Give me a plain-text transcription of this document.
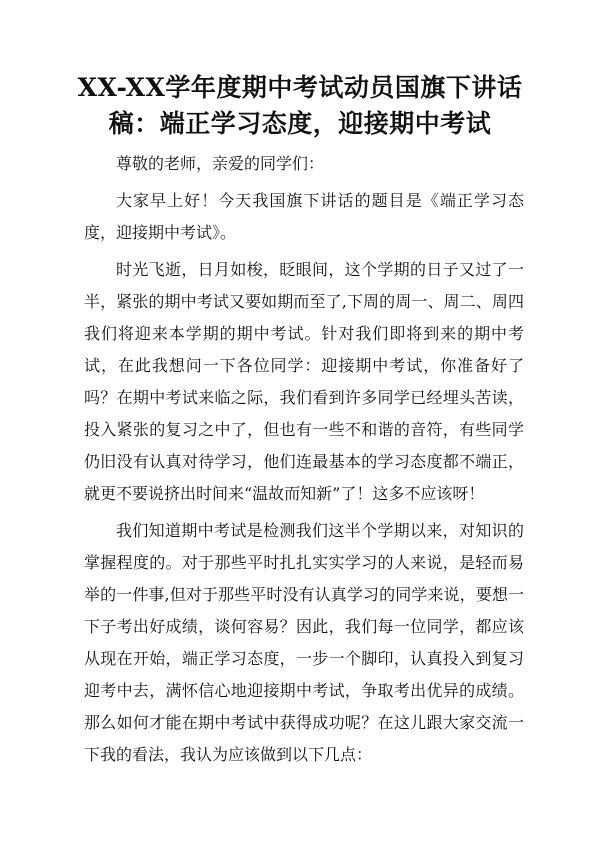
XX-XX学年度期中考试动员国旗下讲话
稿：端正学习态度，迎接期中考试
尊敬的老师，亲爱的同学们：

大家早上好！今天我国旗下讲话的题目是《端正学习态度，迎接期中考试》。

时光飞逝，日月如梭，眨眼间，这个学期的日子又过了一半，紧张的期中考试又要如期而至了,下周的周一、周二、周四我们将迎来本学期的期中考试。针对我们即将到来的期中考试，在此我想问一下各位同学：迎接期中考试，你准备好了吗？在期中考试来临之际，我们看到许多同学已经埋头苦读，投入紧张的复习之中了，但也有一些不和谐的音符，有些同学仍旧没有认真对待学习，他们连最基本的学习态度都不端正，就更不要说挤出时间来“温故而知新”了！这多不应该呀！

我们知道期中考试是检测我们这半个学期以来，对知识的掌握程度的。对于那些平时扎扎实实学习的人来说，是轻而易举的一件事,但对于那些平时没有认真学习的同学来说，要想一下子考出好成绩，谈何容易？因此，我们每一位同学，都应该从现在开始，端正学习态度，一步一个脚印，认真投入到复习迎考中去，满怀信心地迎接期中考试，争取考出优异的成绩。那么如何才能在期中考试中获得成功呢？在这儿跟大家交流一下我的看法，我认为应该做到以下几点：
